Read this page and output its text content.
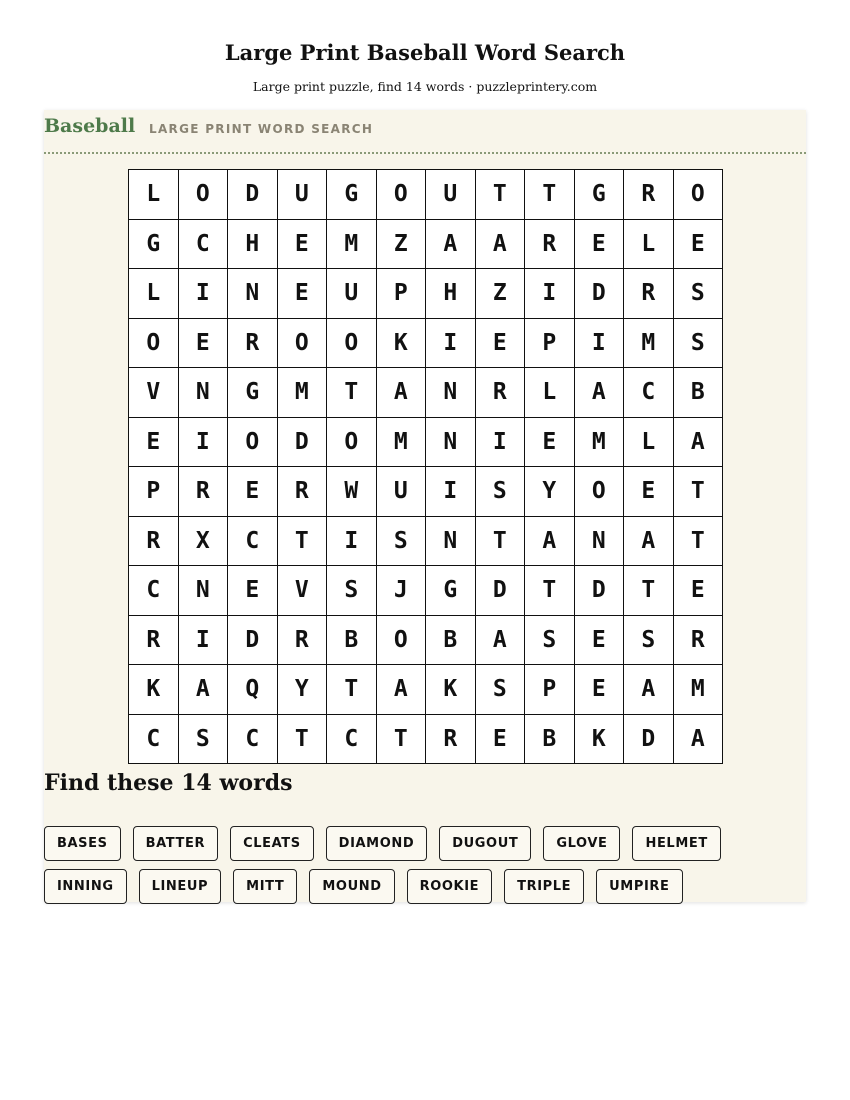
Large Print Baseball Word Search
Large print puzzle, find 14 words · puzzleprintery.com
Baseball LARGE PRINT WORD SEARCH
L	O	D	U	G	O	U	T	T	G	R	O
G	C	H	E	M	Z	A	A	R	E	L	E
L	I	N	E	U	P	H	Z	I	D	R	S
O	E	R	O	O	K	I	E	P	I	M	S
V	N	G	M	T	A	N	R	L	A	C	B
E	I	O	D	O	M	N	I	E	M	L	A
P	R	E	R	W	U	I	S	Y	O	E	T
R	X	C	T	I	S	N	T	A	N	A	T
C	N	E	V	S	J	G	D	T	D	T	E
R	I	D	R	B	O	B	A	S	E	S	R
K	A	Q	Y	T	A	K	S	P	E	A	M
C	S	C	T	C	T	R	E	B	K	D	A
Find these 14 words
BASES	BATTER	CLEATS	DIAMOND	DUGOUT	GLOVE	HELMET
INNING	LINEUP	MITT	MOUND	ROOKIE	TRIPLE	UMPIRE
